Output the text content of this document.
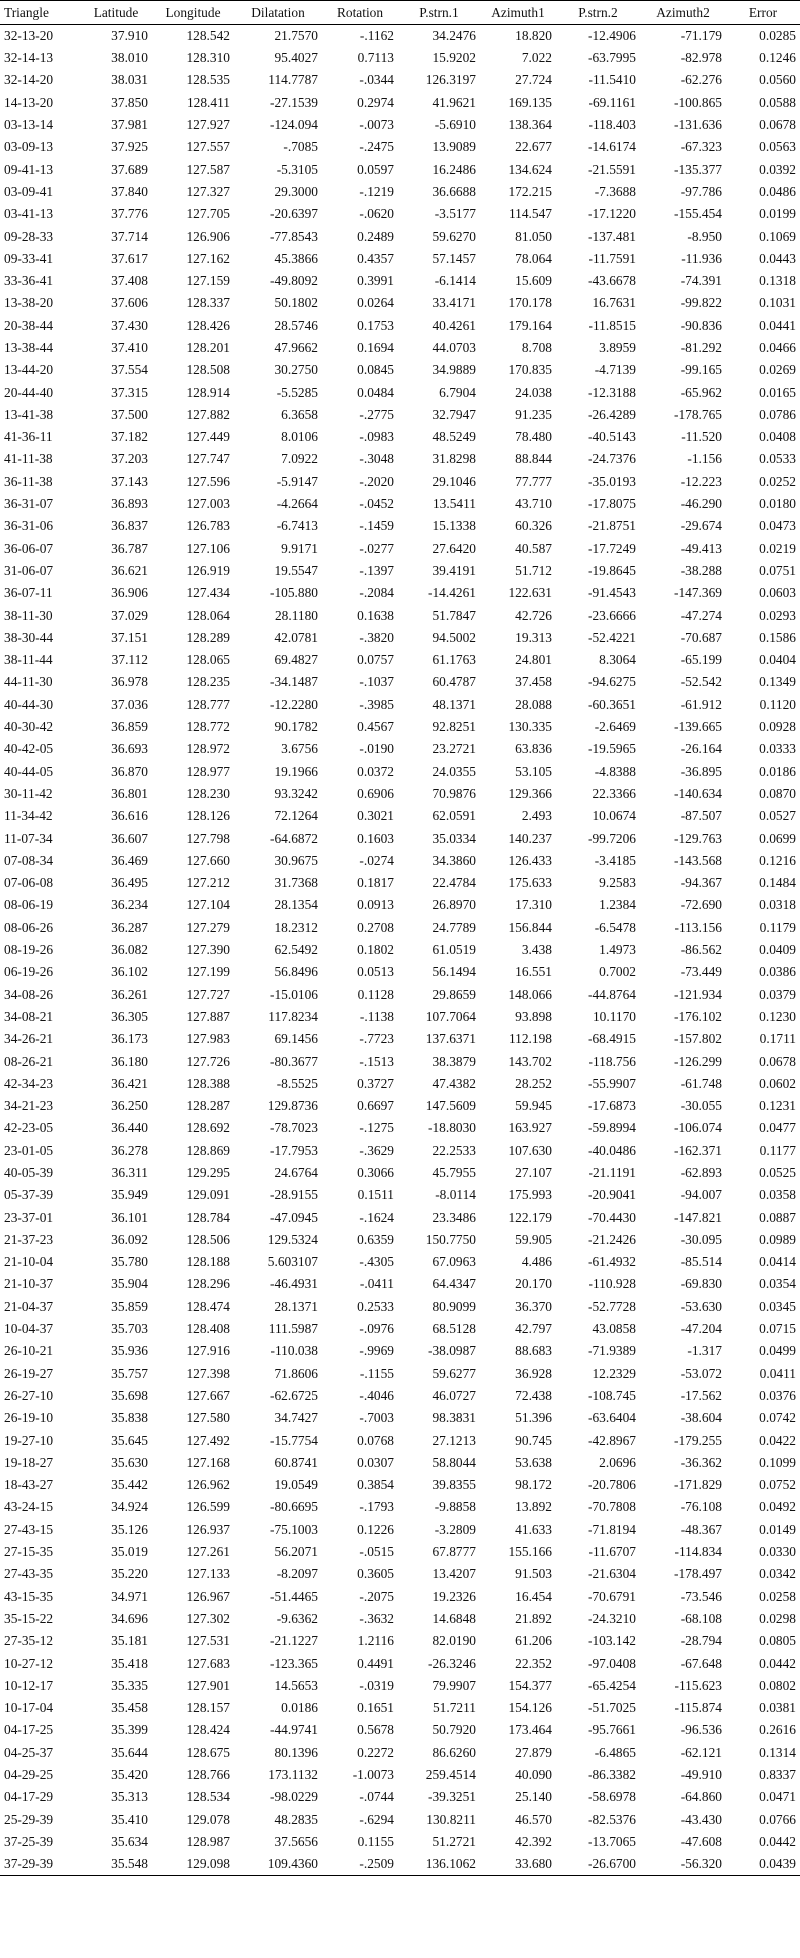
Triangle	Latitude	Longitude	Dilatation	Rotation	P.strn.1	Azimuth1	P.strn.2	Azimuth2	Error
32-13-20	37.910	128.542	21.7570	-.1162	34.2476	18.820	-12.4906	-71.179	0.0285
32-14-13	38.010	128.310	95.4027	0.7113	15.9202	7.022	-63.7995	-82.978	0.1246
32-14-20	38.031	128.535	114.7787	-.0344	126.3197	27.724	-11.5410	-62.276	0.0560
14-13-20	37.850	128.411	-27.1539	0.2974	41.9621	169.135	-69.1161	-100.865	0.0588
03-13-14	37.981	127.927	-124.094	-.0073	-5.6910	138.364	-118.403	-131.636	0.0678
03-09-13	37.925	127.557	-.7085	-.2475	13.9089	22.677	-14.6174	-67.323	0.0563
09-41-13	37.689	127.587	-5.3105	0.0597	16.2486	134.624	-21.5591	-135.377	0.0392
03-09-41	37.840	127.327	29.3000	-.1219	36.6688	172.215	-7.3688	-97.786	0.0486
03-41-13	37.776	127.705	-20.6397	-.0620	-3.5177	114.547	-17.1220	-155.454	0.0199
09-28-33	37.714	126.906	-77.8543	0.2489	59.6270	81.050	-137.481	-8.950	0.1069
09-33-41	37.617	127.162	45.3866	0.4357	57.1457	78.064	-11.7591	-11.936	0.0443
33-36-41	37.408	127.159	-49.8092	0.3991	-6.1414	15.609	-43.6678	-74.391	0.1318
13-38-20	37.606	128.337	50.1802	0.0264	33.4171	170.178	16.7631	-99.822	0.1031
20-38-44	37.430	128.426	28.5746	0.1753	40.4261	179.164	-11.8515	-90.836	0.0441
13-38-44	37.410	128.201	47.9662	0.1694	44.0703	8.708	3.8959	-81.292	0.0466
13-44-20	37.554	128.508	30.2750	0.0845	34.9889	170.835	-4.7139	-99.165	0.0269
20-44-40	37.315	128.914	-5.5285	0.0484	6.7904	24.038	-12.3188	-65.962	0.0165
13-41-38	37.500	127.882	6.3658	-.2775	32.7947	91.235	-26.4289	-178.765	0.0786
41-36-11	37.182	127.449	8.0106	-.0983	48.5249	78.480	-40.5143	-11.520	0.0408
41-11-38	37.203	127.747	7.0922	-.3048	31.8298	88.844	-24.7376	-1.156	0.0533
36-11-38	37.143	127.596	-5.9147	-.2020	29.1046	77.777	-35.0193	-12.223	0.0252
36-31-07	36.893	127.003	-4.2664	-.0452	13.5411	43.710	-17.8075	-46.290	0.0180
36-31-06	36.837	126.783	-6.7413	-.1459	15.1338	60.326	-21.8751	-29.674	0.0473
36-06-07	36.787	127.106	9.9171	-.0277	27.6420	40.587	-17.7249	-49.413	0.0219
31-06-07	36.621	126.919	19.5547	-.1397	39.4191	51.712	-19.8645	-38.288	0.0751
36-07-11	36.906	127.434	-105.880	-.2084	-14.4261	122.631	-91.4543	-147.369	0.0603
38-11-30	37.029	128.064	28.1180	0.1638	51.7847	42.726	-23.6666	-47.274	0.0293
38-30-44	37.151	128.289	42.0781	-.3820	94.5002	19.313	-52.4221	-70.687	0.1586
38-11-44	37.112	128.065	69.4827	0.0757	61.1763	24.801	8.3064	-65.199	0.0404
44-11-30	36.978	128.235	-34.1487	-.1037	60.4787	37.458	-94.6275	-52.542	0.1349
40-44-30	37.036	128.777	-12.2280	-.3985	48.1371	28.088	-60.3651	-61.912	0.1120
40-30-42	36.859	128.772	90.1782	0.4567	92.8251	130.335	-2.6469	-139.665	0.0928
40-42-05	36.693	128.972	3.6756	-.0190	23.2721	63.836	-19.5965	-26.164	0.0333
40-44-05	36.870	128.977	19.1966	0.0372	24.0355	53.105	-4.8388	-36.895	0.0186
30-11-42	36.801	128.230	93.3242	0.6906	70.9876	129.366	22.3366	-140.634	0.0870
11-34-42	36.616	128.126	72.1264	0.3021	62.0591	2.493	10.0674	-87.507	0.0527
11-07-34	36.607	127.798	-64.6872	0.1603	35.0334	140.237	-99.7206	-129.763	0.0699
07-08-34	36.469	127.660	30.9675	-.0274	34.3860	126.433	-3.4185	-143.568	0.1216
07-06-08	36.495	127.212	31.7368	0.1817	22.4784	175.633	9.2583	-94.367	0.1484
08-06-19	36.234	127.104	28.1354	0.0913	26.8970	17.310	1.2384	-72.690	0.0318
08-06-26	36.287	127.279	18.2312	0.2708	24.7789	156.844	-6.5478	-113.156	0.1179
08-19-26	36.082	127.390	62.5492	0.1802	61.0519	3.438	1.4973	-86.562	0.0409
06-19-26	36.102	127.199	56.8496	0.0513	56.1494	16.551	0.7002	-73.449	0.0386
34-08-26	36.261	127.727	-15.0106	0.1128	29.8659	148.066	-44.8764	-121.934	0.0379
34-08-21	36.305	127.887	117.8234	-.1138	107.7064	93.898	10.1170	-176.102	0.1230
34-26-21	36.173	127.983	69.1456	-.7723	137.6371	112.198	-68.4915	-157.802	0.1711
08-26-21	36.180	127.726	-80.3677	-.1513	38.3879	143.702	-118.756	-126.299	0.0678
42-34-23	36.421	128.388	-8.5525	0.3727	47.4382	28.252	-55.9907	-61.748	0.0602
34-21-23	36.250	128.287	129.8736	0.6697	147.5609	59.945	-17.6873	-30.055	0.1231
42-23-05	36.440	128.692	-78.7023	-.1275	-18.8030	163.927	-59.8994	-106.074	0.0477
23-01-05	36.278	128.869	-17.7953	-.3629	22.2533	107.630	-40.0486	-162.371	0.1177
40-05-39	36.311	129.295	24.6764	0.3066	45.7955	27.107	-21.1191	-62.893	0.0525
05-37-39	35.949	129.091	-28.9155	0.1511	-8.0114	175.993	-20.9041	-94.007	0.0358
23-37-01	36.101	128.784	-47.0945	-.1624	23.3486	122.179	-70.4430	-147.821	0.0887
21-37-23	36.092	128.506	129.5324	0.6359	150.7750	59.905	-21.2426	-30.095	0.0989
21-10-04	35.780	128.188	5.603107	-.4305	67.0963	4.486	-61.4932	-85.514	0.0414
21-10-37	35.904	128.296	-46.4931	-.0411	64.4347	20.170	-110.928	-69.830	0.0354
21-04-37	35.859	128.474	28.1371	0.2533	80.9099	36.370	-52.7728	-53.630	0.0345
10-04-37	35.703	128.408	111.5987	-.0976	68.5128	42.797	43.0858	-47.204	0.0715
26-10-21	35.936	127.916	-110.038	-.9969	-38.0987	88.683	-71.9389	-1.317	0.0499
26-19-27	35.757	127.398	71.8606	-.1155	59.6277	36.928	12.2329	-53.072	0.0411
26-27-10	35.698	127.667	-62.6725	-.4046	46.0727	72.438	-108.745	-17.562	0.0376
26-19-10	35.838	127.580	34.7427	-.7003	98.3831	51.396	-63.6404	-38.604	0.0742
19-27-10	35.645	127.492	-15.7754	0.0768	27.1213	90.745	-42.8967	-179.255	0.0422
19-18-27	35.630	127.168	60.8741	0.0307	58.8044	53.638	2.0696	-36.362	0.1099
18-43-27	35.442	126.962	19.0549	0.3854	39.8355	98.172	-20.7806	-171.829	0.0752
43-24-15	34.924	126.599	-80.6695	-.1793	-9.8858	13.892	-70.7808	-76.108	0.0492
27-43-15	35.126	126.937	-75.1003	0.1226	-3.2809	41.633	-71.8194	-48.367	0.0149
27-15-35	35.019	127.261	56.2071	-.0515	67.8777	155.166	-11.6707	-114.834	0.0330
27-43-35	35.220	127.133	-8.2097	0.3605	13.4207	91.503	-21.6304	-178.497	0.0342
43-15-35	34.971	126.967	-51.4465	-.2075	19.2326	16.454	-70.6791	-73.546	0.0258
35-15-22	34.696	127.302	-9.6362	-.3632	14.6848	21.892	-24.3210	-68.108	0.0298
27-35-12	35.181	127.531	-21.1227	1.2116	82.0190	61.206	-103.142	-28.794	0.0805
10-27-12	35.418	127.683	-123.365	0.4491	-26.3246	22.352	-97.0408	-67.648	0.0442
10-12-17	35.335	127.901	14.5653	-.0319	79.9907	154.377	-65.4254	-115.623	0.0802
10-17-04	35.458	128.157	0.0186	0.1651	51.7211	154.126	-51.7025	-115.874	0.0381
04-17-25	35.399	128.424	-44.9741	0.5678	50.7920	173.464	-95.7661	-96.536	0.2616
04-25-37	35.644	128.675	80.1396	0.2272	86.6260	27.879	-6.4865	-62.121	0.1314
04-29-25	35.420	128.766	173.1132	-1.0073	259.4514	40.090	-86.3382	-49.910	0.8337
04-17-29	35.313	128.534	-98.0229	-.0744	-39.3251	25.140	-58.6978	-64.860	0.0471
25-29-39	35.410	129.078	48.2835	-.6294	130.8211	46.570	-82.5376	-43.430	0.0766
37-25-39	35.634	128.987	37.5656	0.1155	51.2721	42.392	-13.7065	-47.608	0.0442
37-29-39	35.548	129.098	109.4360	-.2509	136.1062	33.680	-26.6700	-56.320	0.0439
